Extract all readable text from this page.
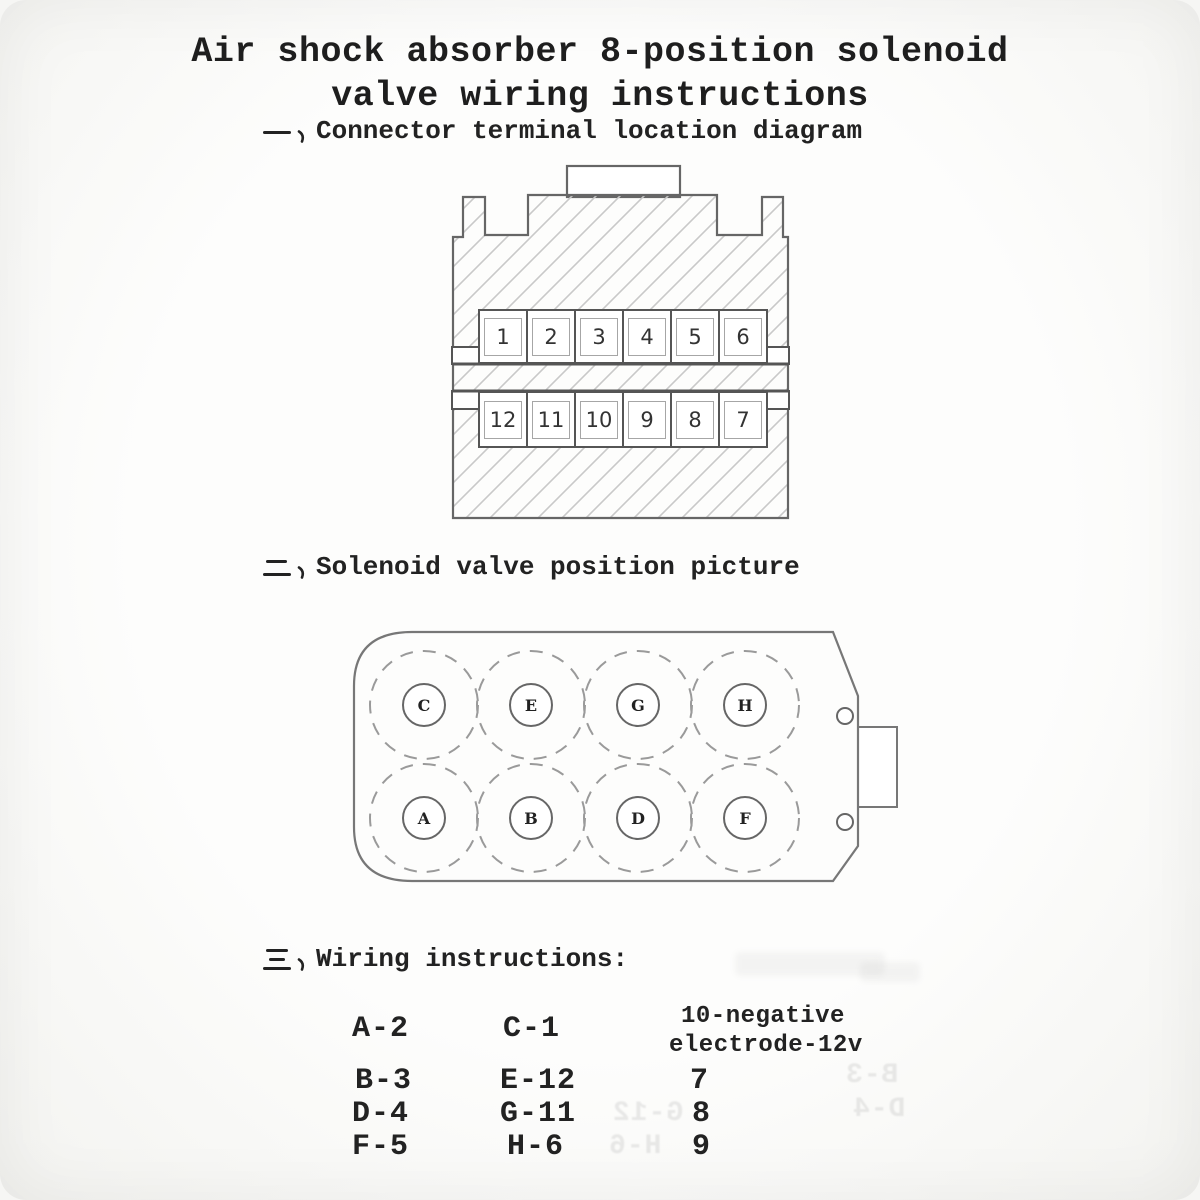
Air shock absorber 8-position solenoid
valve wiring instructions
Connector terminal location diagram
1	2	3	4	5	6
12 11 10	9	8	7
Solenoid valve position picture
C	E	G	H
A	B	D	F
Wiring instructions:
A-2	C-1	10-negative
electrode-12v
B-3	E-12	7
D-4	G-11	8
F-5	H-6	9
B-3
D-4
G-12
H-6
